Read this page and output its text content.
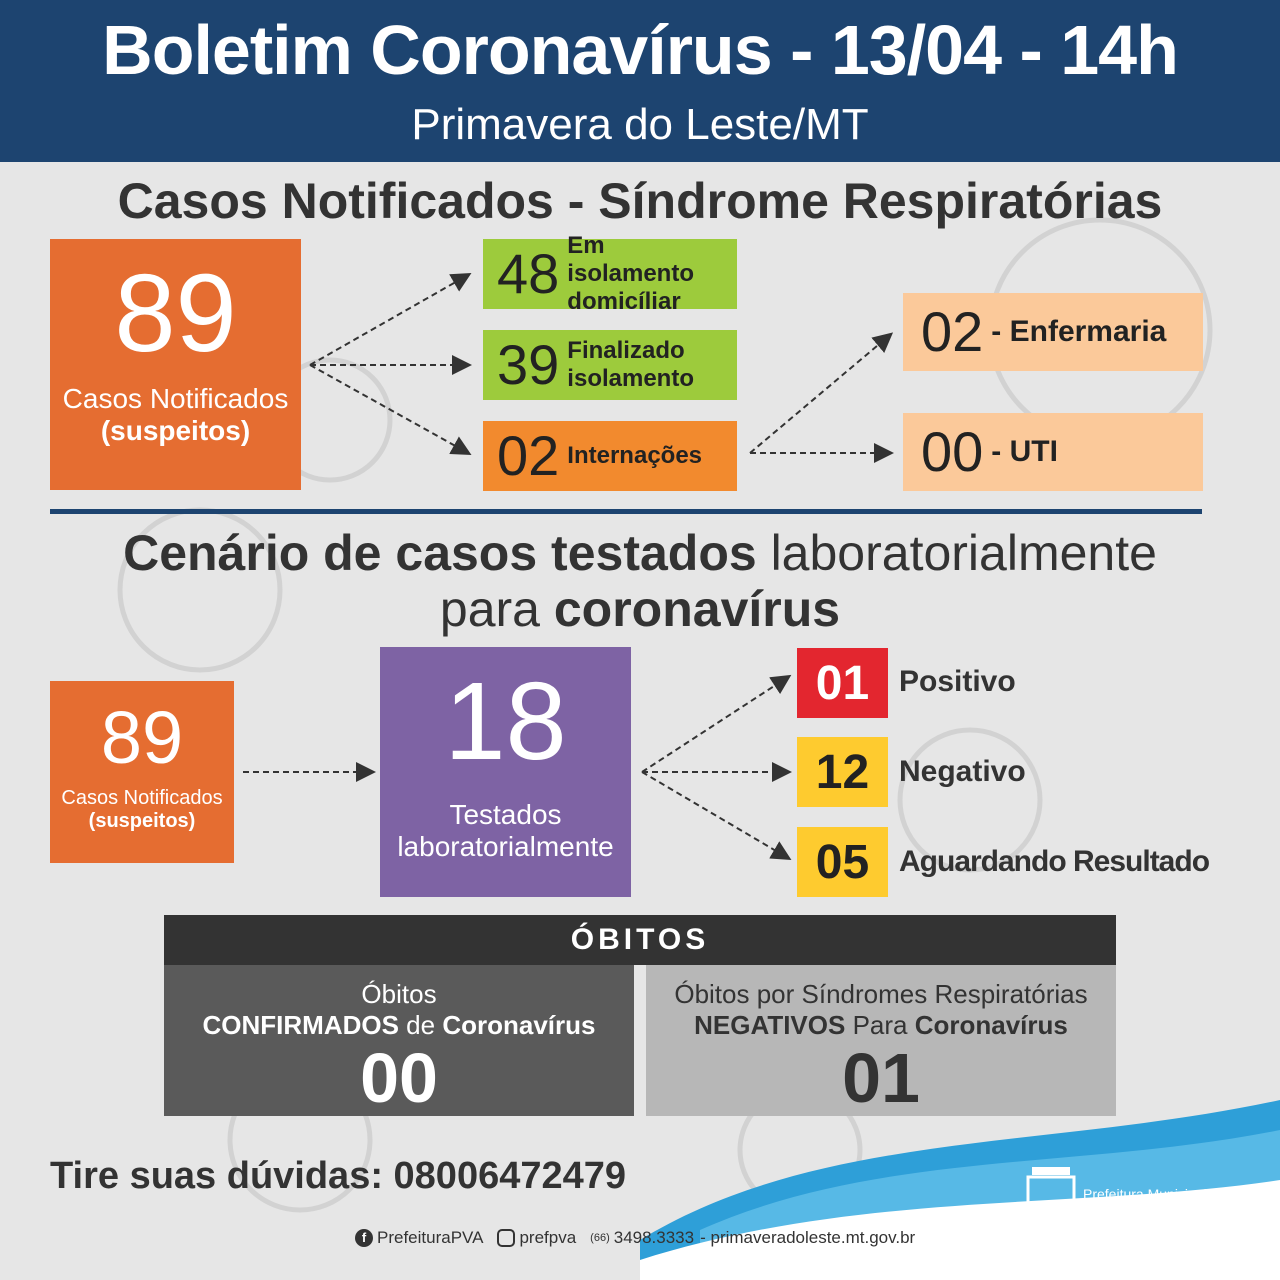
Boletim Coronavírus - 13/04 - 14h
Primavera do Leste/MT
Casos Notificados - Síndrome Respiratórias
89
Casos Notificados
(suspeitos)
48 Em isolamento
domicíliar
39 Finalizado
isolamento
02 Internações
02 - Enfermaria
00 - UTI
Cenário de casos testados laboratorialmente
para coronavírus
89
Casos Notificados
(suspeitos)
18
Testados
laboratorialmente
01 Positivo
12 Negativo
05 Aguardando Resultado
ÓBITOS
Óbitos
CONFIRMADOS de Coronavírus
00
Óbitos por Síndromes Respiratórias
NEGATIVOS Para Coronavírus
01
Tire suas dúvidas: 08006472479
f PrefeituraPVA prefpva (66) 3498.3333 - primaveradoleste.mt.gov.br
Prefeitura Municipal de
PRIMAVERA DO LESTE
